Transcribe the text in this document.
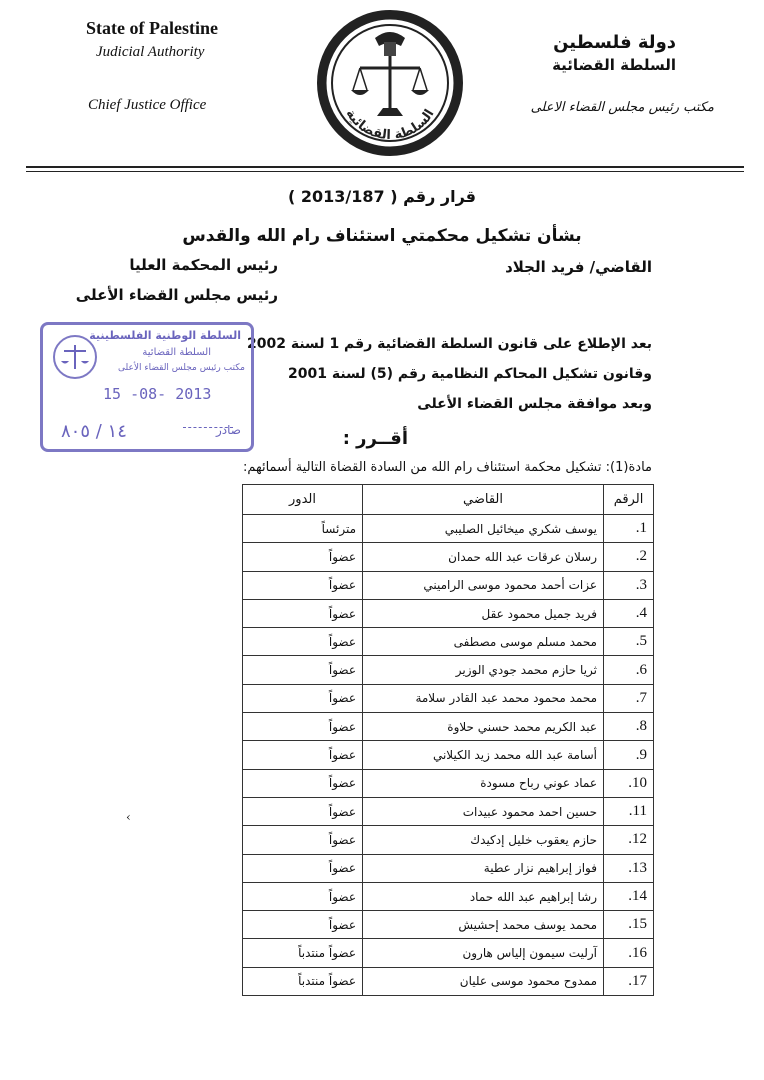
State of Palestine
Judicial Authority
Chief Justice Office
دولة فلسطين
السلطة القضائية
مكتب رئيس مجلس القضاء الاعلى
السلطة القضائية
قرار رقم ( 2013/187 )
بشأن تشكيل محكمتي استئناف رام الله والقدس
القاضي/ فريد الجلاد
رئيس المحكمة العليا
رئيس مجلس القضاء الأعلى
بعد الإطلاع على قانون السلطة القضائية رقم 1 لسنة 2002
وقانون تشكيل المحاكم النظامية رقم (5) لسنة 2001
وبعد موافقة مجلس القضاء الأعلى
أقــرر :
مادة(1): تشكيل محكمة استئناف رام الله من السادة القضاة التالية أسمائهم:
السلطة الوطنية الفلسطينية
السلطة القضائية
مكتب رئيس مجلس القضاء الأعلى
15 -08- 2013
١٤ / ٨٠٥	صادر
الرقم	القاضي	الدور
1.	يوسف شكري ميخائيل الصليبي	مترئساً
2.	رسلان عرقات عبد الله حمدان	عضواً
3.	عزات أحمد محمود موسى الراميني	عضواً
4.	فريد جميل محمود عقل	عضواً
5.	محمد مسلم موسى مصطفى	عضواً
6.	ثريا حازم محمد جودي الوزير	عضواً
7.	محمد محمود محمد عبد القادر سلامة	عضواً
8.	عبد الكريم محمد حسني حلاوة	عضواً
9.	أسامة عبد الله محمد زيد الكيلاني	عضواً
10.	عماد عوني رباح مسودة	عضواً
11.	حسين احمد محمود عبيدات	عضواً
12.	حازم يعقوب خليل إدكيدك	عضواً
13.	فواز إبراهيم نزار عطية	عضواً
14.	رشا إبراهيم عبد الله حماد	عضواً
15.	محمد يوسف محمد إحشيش	عضواً
16.	آرليت سيمون إلياس هارون	عضواً منتدباً
17.	ممدوح محمود موسى عليان	عضواً منتدباً
‹
